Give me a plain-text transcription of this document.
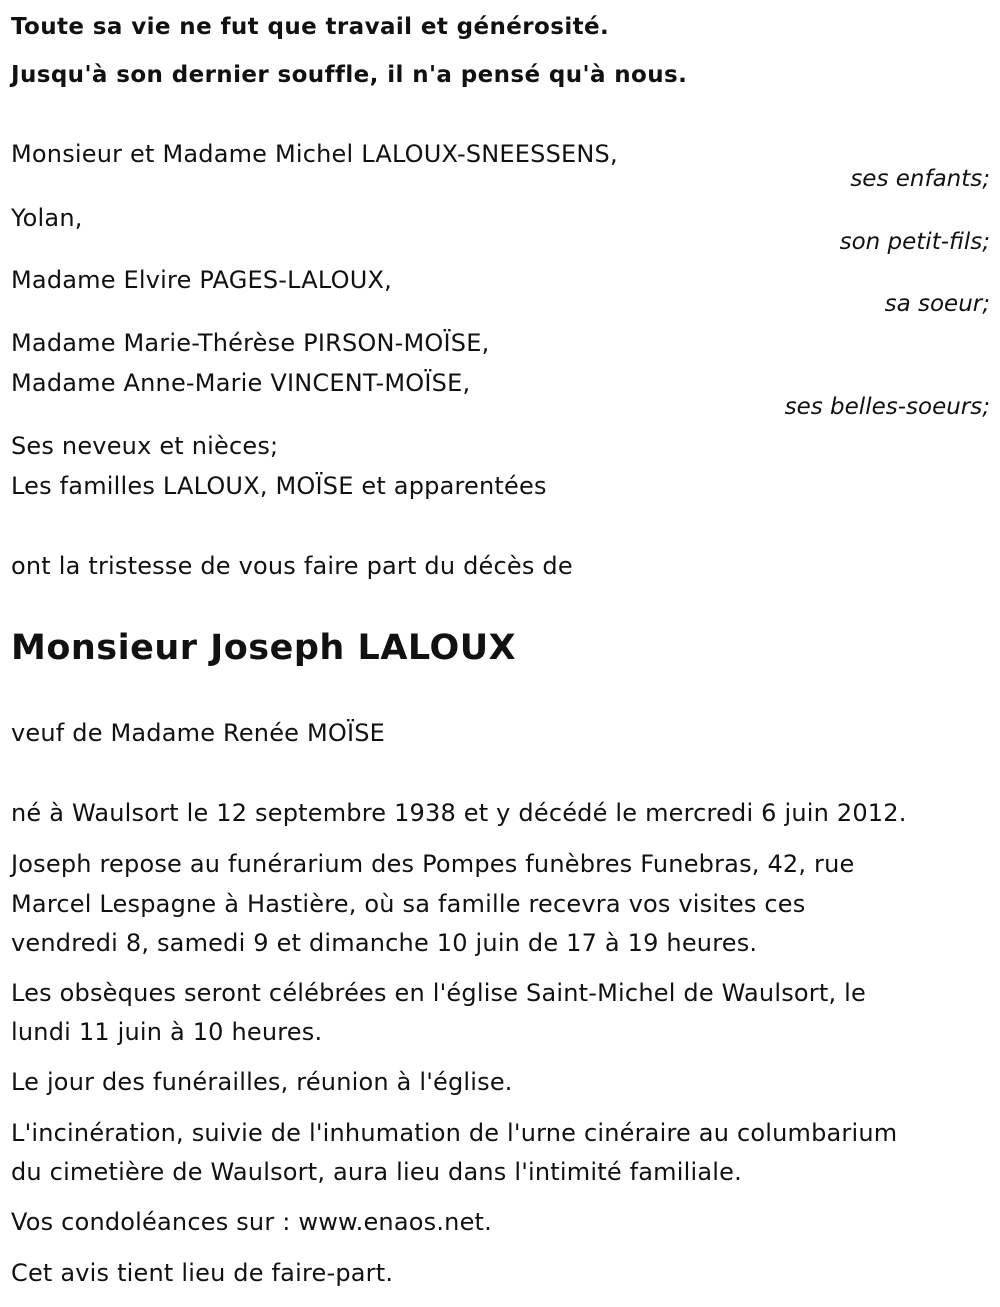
Toute sa vie ne fut que travail et générosité.
Jusqu'à son dernier souffle, il n'a pensé qu'à nous.
Monsieur et Madame Michel LALOUX-SNEESSENS,
ses enfants;
Yolan,
son petit-fils;
Madame Elvire PAGES-LALOUX,
sa soeur;
Madame Marie-Thérèse PIRSON-MOÏSE,
Madame Anne-Marie VINCENT-MOÏSE,
ses belles-soeurs;
Ses neveux et nièces;
Les familles LALOUX, MOÏSE et apparentées
ont la tristesse de vous faire part du décès de
Monsieur Joseph LALOUX
veuf de Madame Renée MOÏSE
né à Waulsort le 12 septembre 1938 et y décédé le mercredi 6 juin 2012.
Joseph repose au funérarium des Pompes funèbres Funebras, 42, rue
Marcel Lespagne à Hastière, où sa famille recevra vos visites ces
vendredi 8, samedi 9 et dimanche 10 juin de 17 à 19 heures.
Les obsèques seront célébrées en l'église Saint-Michel de Waulsort, le
lundi 11 juin à 10 heures.
Le jour des funérailles, réunion à l'église.
L'incinération, suivie de l'inhumation de l'urne cinéraire au columbarium
du cimetière de Waulsort, aura lieu dans l'intimité familiale.
Vos condoléances sur : www.enaos.net.
Cet avis tient lieu de faire-part.
